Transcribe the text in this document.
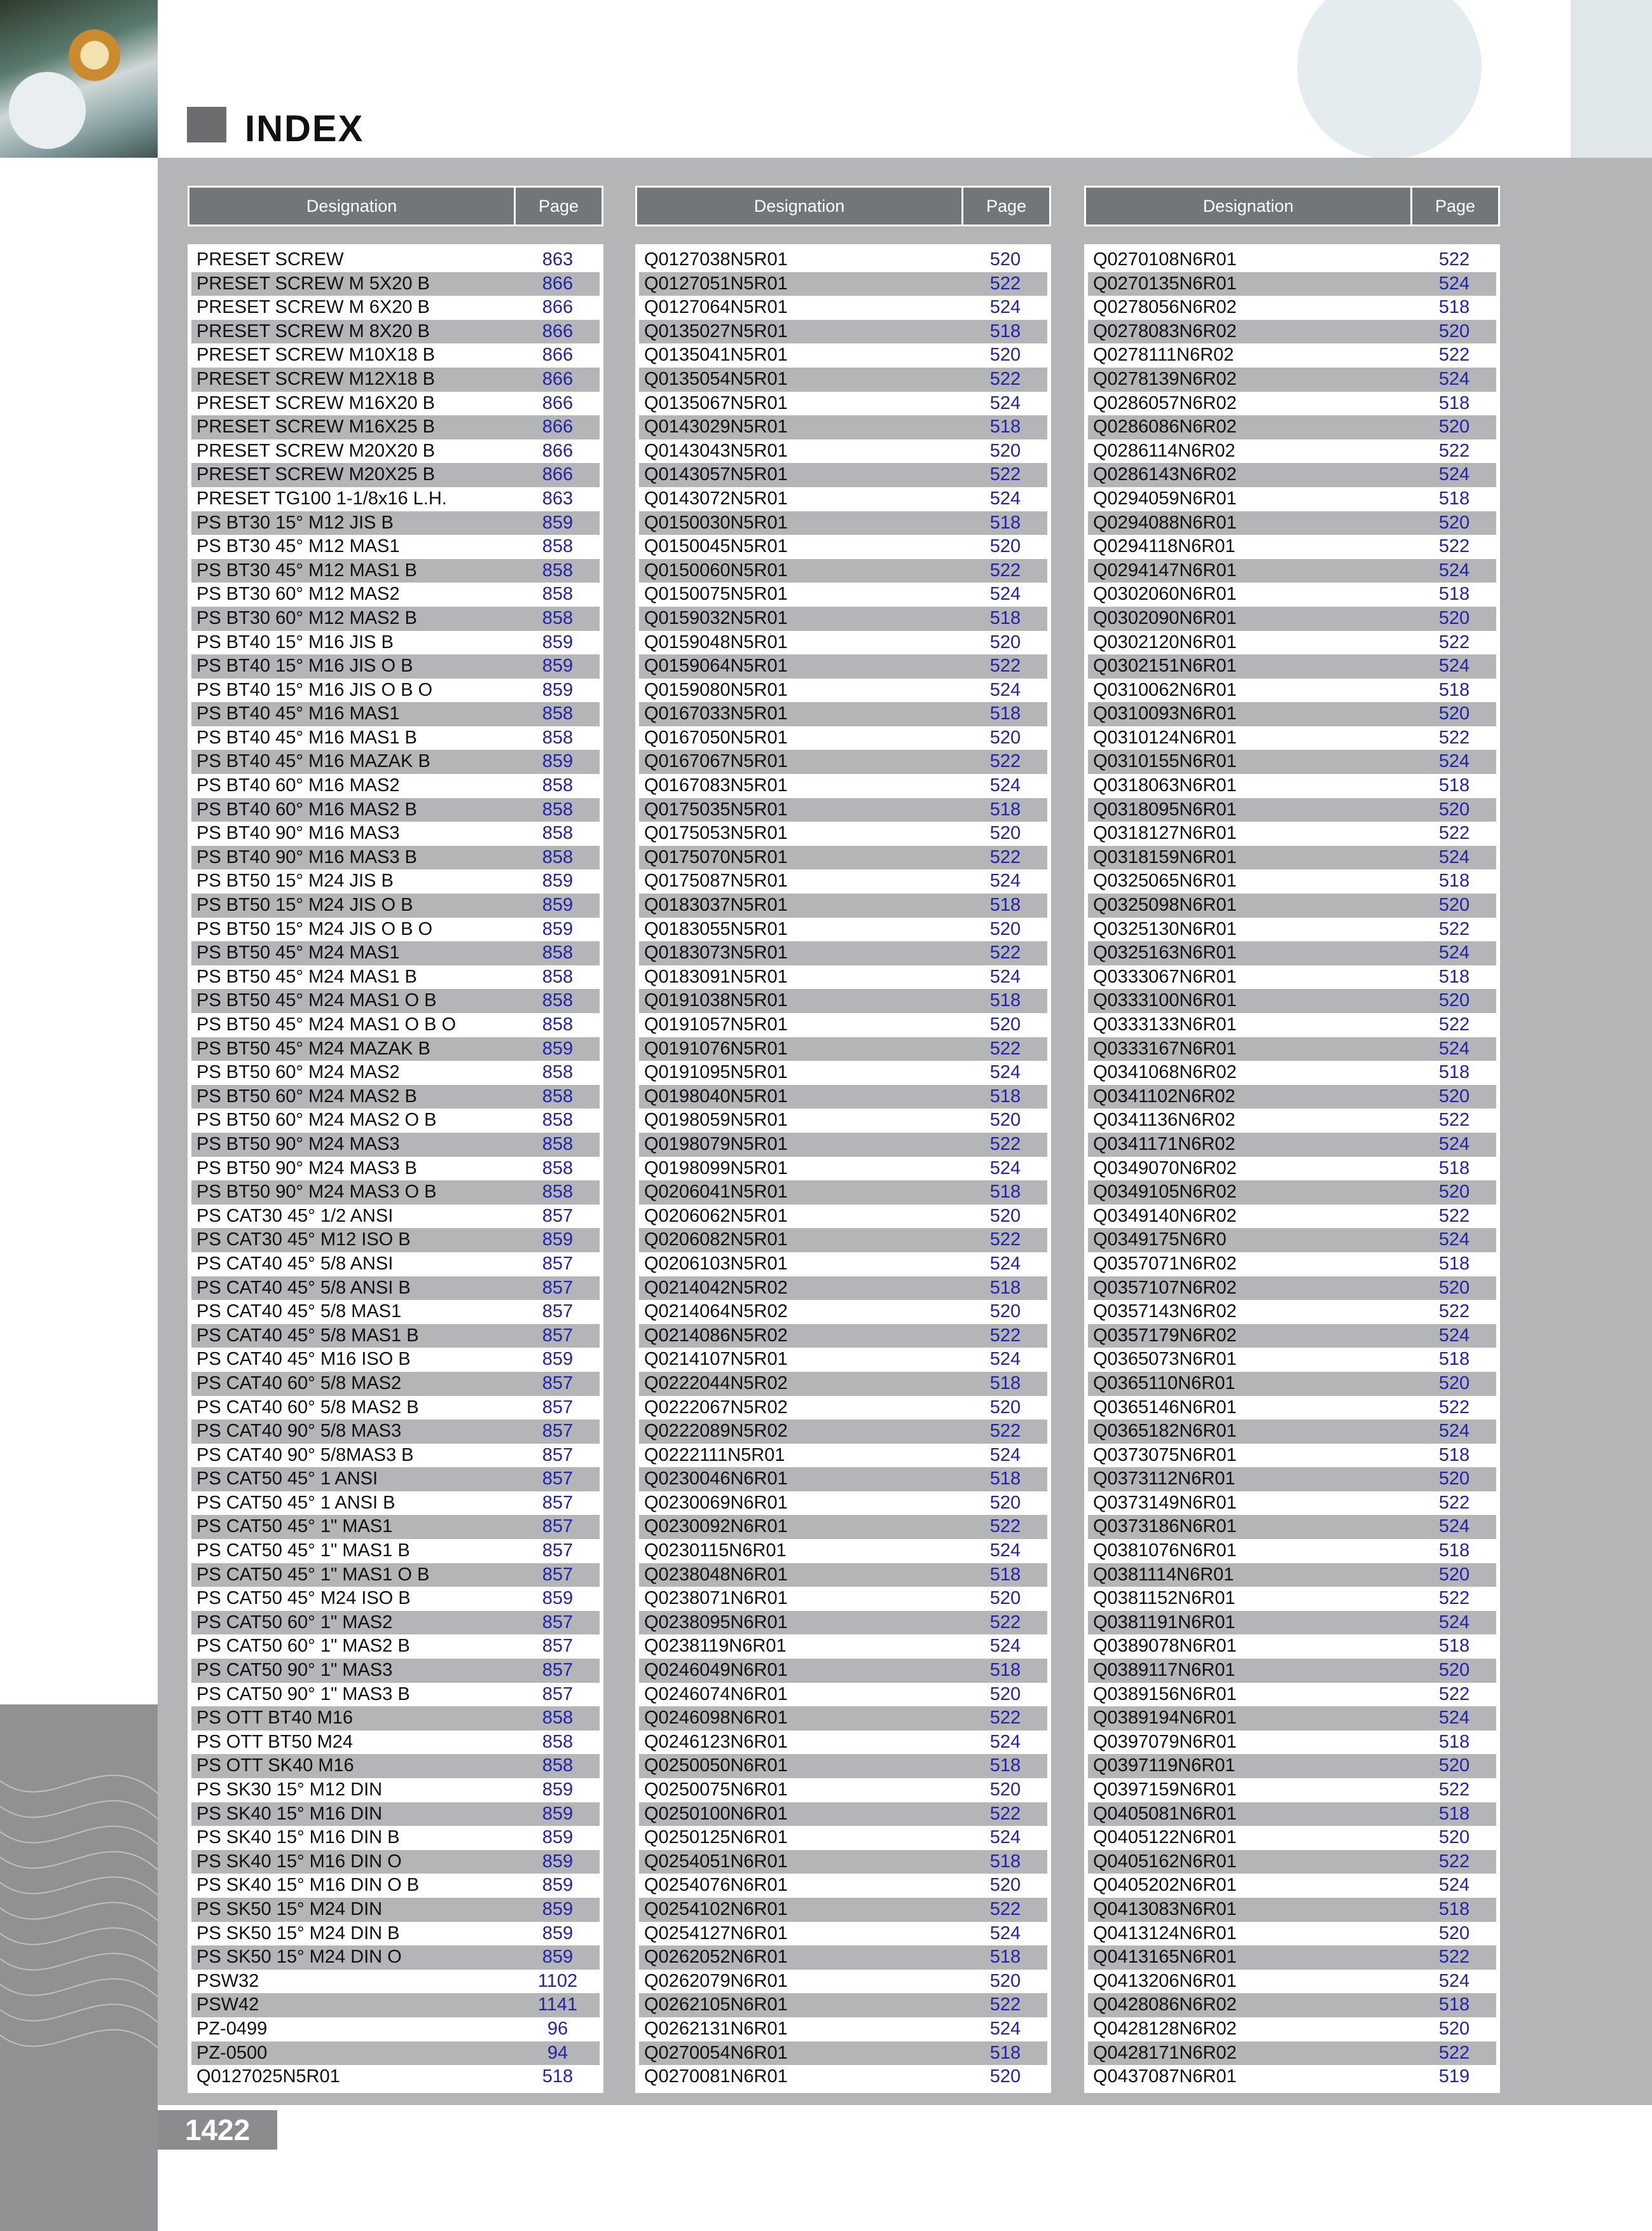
INDEX
Designation	Page
PRESET SCREW	863
PRESET SCREW M 5X20 B	866
PRESET SCREW M 6X20 B	866
PRESET SCREW M 8X20 B	866
PRESET SCREW M10X18 B	866
PRESET SCREW M12X18 B	866
PRESET SCREW M16X20 B	866
PRESET SCREW M16X25 B	866
PRESET SCREW M20X20 B	866
PRESET SCREW M20X25 B	866
PRESET TG100 1-1/8x16 L.H.	863
PS BT30 15° M12 JIS B	859
PS BT30 45° M12 MAS1	858
PS BT30 45° M12 MAS1 B	858
PS BT30 60° M12 MAS2	858
PS BT30 60° M12 MAS2 B	858
PS BT40 15° M16 JIS B	859
PS BT40 15° M16 JIS O B	859
PS BT40 15° M16 JIS O B O	859
PS BT40 45° M16 MAS1	858
PS BT40 45° M16 MAS1 B	858
PS BT40 45° M16 MAZAK B	859
PS BT40 60° M16 MAS2	858
PS BT40 60° M16 MAS2 B	858
PS BT40 90° M16 MAS3	858
PS BT40 90° M16 MAS3 B	858
PS BT50 15° M24 JIS B	859
PS BT50 15° M24 JIS O B	859
PS BT50 15° M24 JIS O B O	859
PS BT50 45° M24 MAS1	858
PS BT50 45° M24 MAS1 B	858
PS BT50 45° M24 MAS1 O B	858
PS BT50 45° M24 MAS1 O B O	858
PS BT50 45° M24 MAZAK B	859
PS BT50 60° M24 MAS2	858
PS BT50 60° M24 MAS2 B	858
PS BT50 60° M24 MAS2 O B	858
PS BT50 90° M24 MAS3	858
PS BT50 90° M24 MAS3 B	858
PS BT50 90° M24 MAS3 O B	858
PS CAT30 45° 1/2 ANSI	857
PS CAT30 45° M12 ISO B	859
PS CAT40 45° 5/8 ANSI	857
PS CAT40 45° 5/8 ANSI B	857
PS CAT40 45° 5/8 MAS1	857
PS CAT40 45° 5/8 MAS1 B	857
PS CAT40 45° M16 ISO B	859
PS CAT40 60° 5/8 MAS2	857
PS CAT40 60° 5/8 MAS2 B	857
PS CAT40 90° 5/8 MAS3	857
PS CAT40 90° 5/8MAS3 B	857
PS CAT50 45° 1 ANSI	857
PS CAT50 45° 1 ANSI B	857
PS CAT50 45° 1" MAS1	857
PS CAT50 45° 1" MAS1 B	857
PS CAT50 45° 1" MAS1 O B	857
PS CAT50 45° M24 ISO B	859
PS CAT50 60° 1" MAS2	857
PS CAT50 60° 1" MAS2 B	857
PS CAT50 90° 1" MAS3	857
PS CAT50 90° 1" MAS3 B	857
PS OTT BT40 M16	858
PS OTT BT50 M24	858
PS OTT SK40 M16	858
PS SK30 15° M12 DIN	859
PS SK40 15° M16 DIN	859
PS SK40 15° M16 DIN B	859
PS SK40 15° M16 DIN O	859
PS SK40 15° M16 DIN O B	859
PS SK50 15° M24 DIN	859
PS SK50 15° M24 DIN B	859
PS SK50 15° M24 DIN O	859
PSW32	1102
PSW42	1141
PZ-0499	96
PZ-0500	94
Q0127025N5R01	518
Designation	Page
Q0127038N5R01	520
Q0127051N5R01	522
Q0127064N5R01	524
Q0135027N5R01	518
Q0135041N5R01	520
Q0135054N5R01	522
Q0135067N5R01	524
Q0143029N5R01	518
Q0143043N5R01	520
Q0143057N5R01	522
Q0143072N5R01	524
Q0150030N5R01	518
Q0150045N5R01	520
Q0150060N5R01	522
Q0150075N5R01	524
Q0159032N5R01	518
Q0159048N5R01	520
Q0159064N5R01	522
Q0159080N5R01	524
Q0167033N5R01	518
Q0167050N5R01	520
Q0167067N5R01	522
Q0167083N5R01	524
Q0175035N5R01	518
Q0175053N5R01	520
Q0175070N5R01	522
Q0175087N5R01	524
Q0183037N5R01	518
Q0183055N5R01	520
Q0183073N5R01	522
Q0183091N5R01	524
Q0191038N5R01	518
Q0191057N5R01	520
Q0191076N5R01	522
Q0191095N5R01	524
Q0198040N5R01	518
Q0198059N5R01	520
Q0198079N5R01	522
Q0198099N5R01	524
Q0206041N5R01	518
Q0206062N5R01	520
Q0206082N5R01	522
Q0206103N5R01	524
Q0214042N5R02	518
Q0214064N5R02	520
Q0214086N5R02	522
Q0214107N5R01	524
Q0222044N5R02	518
Q0222067N5R02	520
Q0222089N5R02	522
Q0222111N5R01	524
Q0230046N6R01	518
Q0230069N6R01	520
Q0230092N6R01	522
Q0230115N6R01	524
Q0238048N6R01	518
Q0238071N6R01	520
Q0238095N6R01	522
Q0238119N6R01	524
Q0246049N6R01	518
Q0246074N6R01	520
Q0246098N6R01	522
Q0246123N6R01	524
Q0250050N6R01	518
Q0250075N6R01	520
Q0250100N6R01	522
Q0250125N6R01	524
Q0254051N6R01	518
Q0254076N6R01	520
Q0254102N6R01	522
Q0254127N6R01	524
Q0262052N6R01	518
Q0262079N6R01	520
Q0262105N6R01	522
Q0262131N6R01	524
Q0270054N6R01	518
Q0270081N6R01	520
Designation	Page
Q0270108N6R01	522
Q0270135N6R01	524
Q0278056N6R02	518
Q0278083N6R02	520
Q0278111N6R02	522
Q0278139N6R02	524
Q0286057N6R02	518
Q0286086N6R02	520
Q0286114N6R02	522
Q0286143N6R02	524
Q0294059N6R01	518
Q0294088N6R01	520
Q0294118N6R01	522
Q0294147N6R01	524
Q0302060N6R01	518
Q0302090N6R01	520
Q0302120N6R01	522
Q0302151N6R01	524
Q0310062N6R01	518
Q0310093N6R01	520
Q0310124N6R01	522
Q0310155N6R01	524
Q0318063N6R01	518
Q0318095N6R01	520
Q0318127N6R01	522
Q0318159N6R01	524
Q0325065N6R01	518
Q0325098N6R01	520
Q0325130N6R01	522
Q0325163N6R01	524
Q0333067N6R01	518
Q0333100N6R01	520
Q0333133N6R01	522
Q0333167N6R01	524
Q0341068N6R02	518
Q0341102N6R02	520
Q0341136N6R02	522
Q0341171N6R02	524
Q0349070N6R02	518
Q0349105N6R02	520
Q0349140N6R02	522
Q0349175N6R0	524
Q0357071N6R02	518
Q0357107N6R02	520
Q0357143N6R02	522
Q0357179N6R02	524
Q0365073N6R01	518
Q0365110N6R01	520
Q0365146N6R01	522
Q0365182N6R01	524
Q0373075N6R01	518
Q0373112N6R01	520
Q0373149N6R01	522
Q0373186N6R01	524
Q0381076N6R01	518
Q0381114N6R01	520
Q0381152N6R01	522
Q0381191N6R01	524
Q0389078N6R01	518
Q0389117N6R01	520
Q0389156N6R01	522
Q0389194N6R01	524
Q0397079N6R01	518
Q0397119N6R01	520
Q0397159N6R01	522
Q0405081N6R01	518
Q0405122N6R01	520
Q0405162N6R01	522
Q0405202N6R01	524
Q0413083N6R01	518
Q0413124N6R01	520
Q0413165N6R01	522
Q0413206N6R01	524
Q0428086N6R02	518
Q0428128N6R02	520
Q0428171N6R02	522
Q0437087N6R01	519
1422
